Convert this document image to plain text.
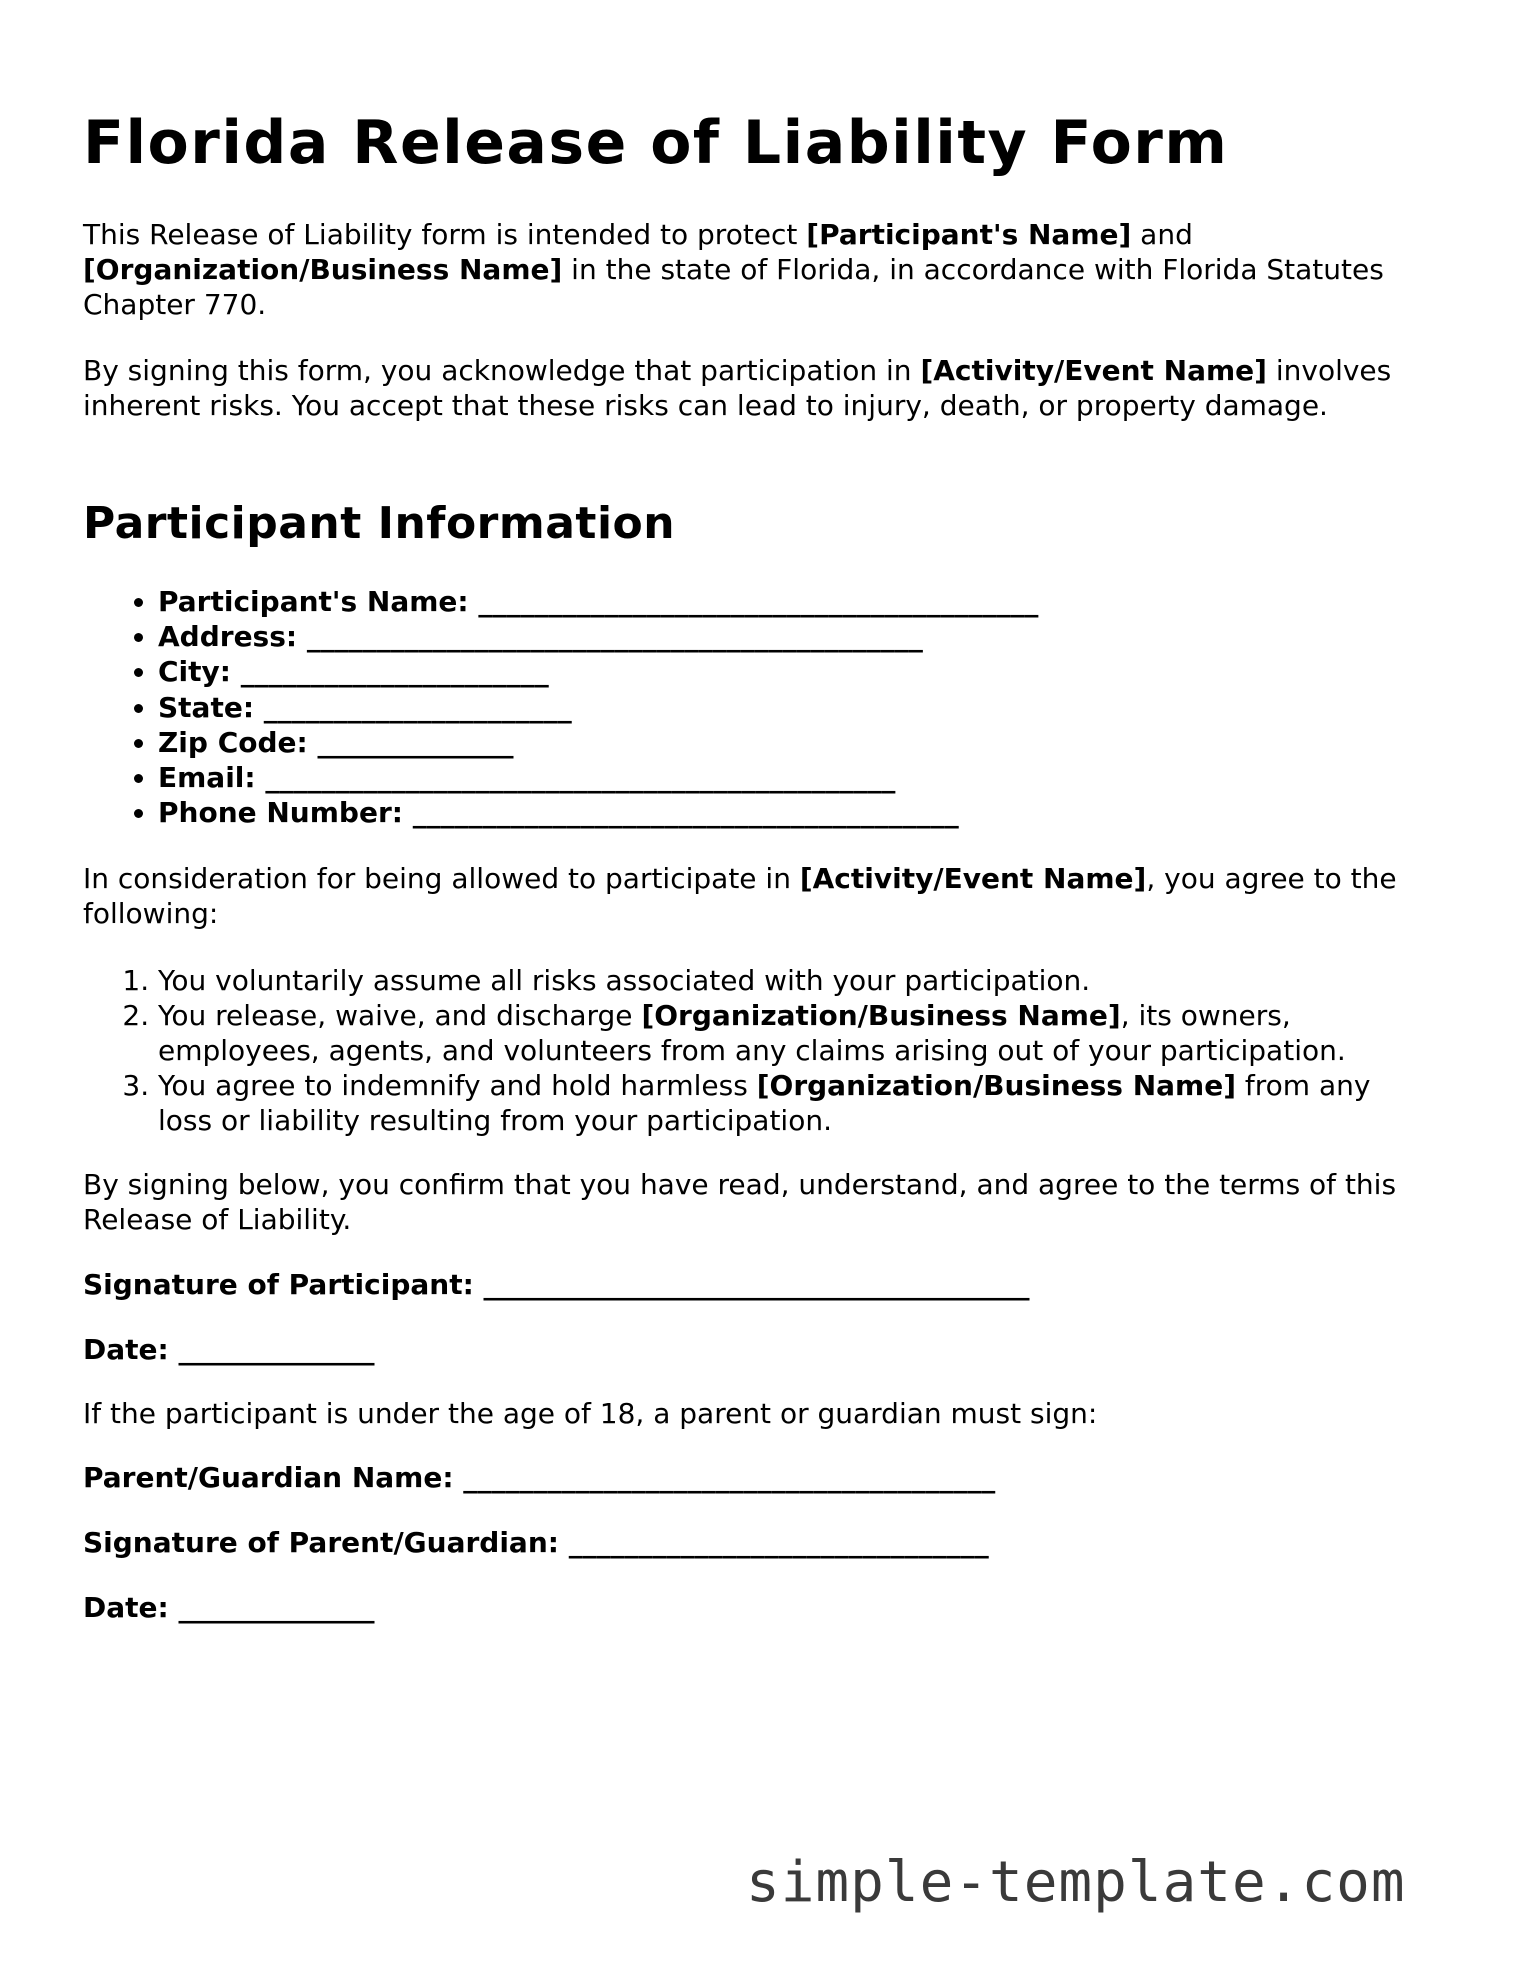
Florida Release of Liability Form

This Release of Liability form is intended to protect [Participant's Name] and [Organization/Business Name] in the state of Florida, in accordance with Florida Statutes Chapter 770.

By signing this form, you acknowledge that participation in [Activity/Event Name] involves inherent risks. You accept that these risks can lead to injury, death, or property damage.

Participant Information
• Participant's Name: ________________________________________
• Address: ____________________________________________
• City: ______________________
• State: ______________________
• Zip Code: ______________
• Email: _____________________________________________
• Phone Number: _______________________________________

In consideration for being allowed to participate in [Activity/Event Name], you agree to the following:

1. You voluntarily assume all risks associated with your participation.
2. You release, waive, and discharge [Organization/Business Name], its owners, employees, agents, and volunteers from any claims arising out of your participation.
3. You agree to indemnify and hold harmless [Organization/Business Name] from any loss or liability resulting from your participation.

By signing below, you confirm that you have read, understand, and agree to the terms of this Release of Liability.

Signature of Participant: _______________________________________

Date: ______________

If the participant is under the age of 18, a parent or guardian must sign:

Parent/Guardian Name: ______________________________________

Signature of Parent/Guardian: ______________________________

Date: ______________

simple-template.com
